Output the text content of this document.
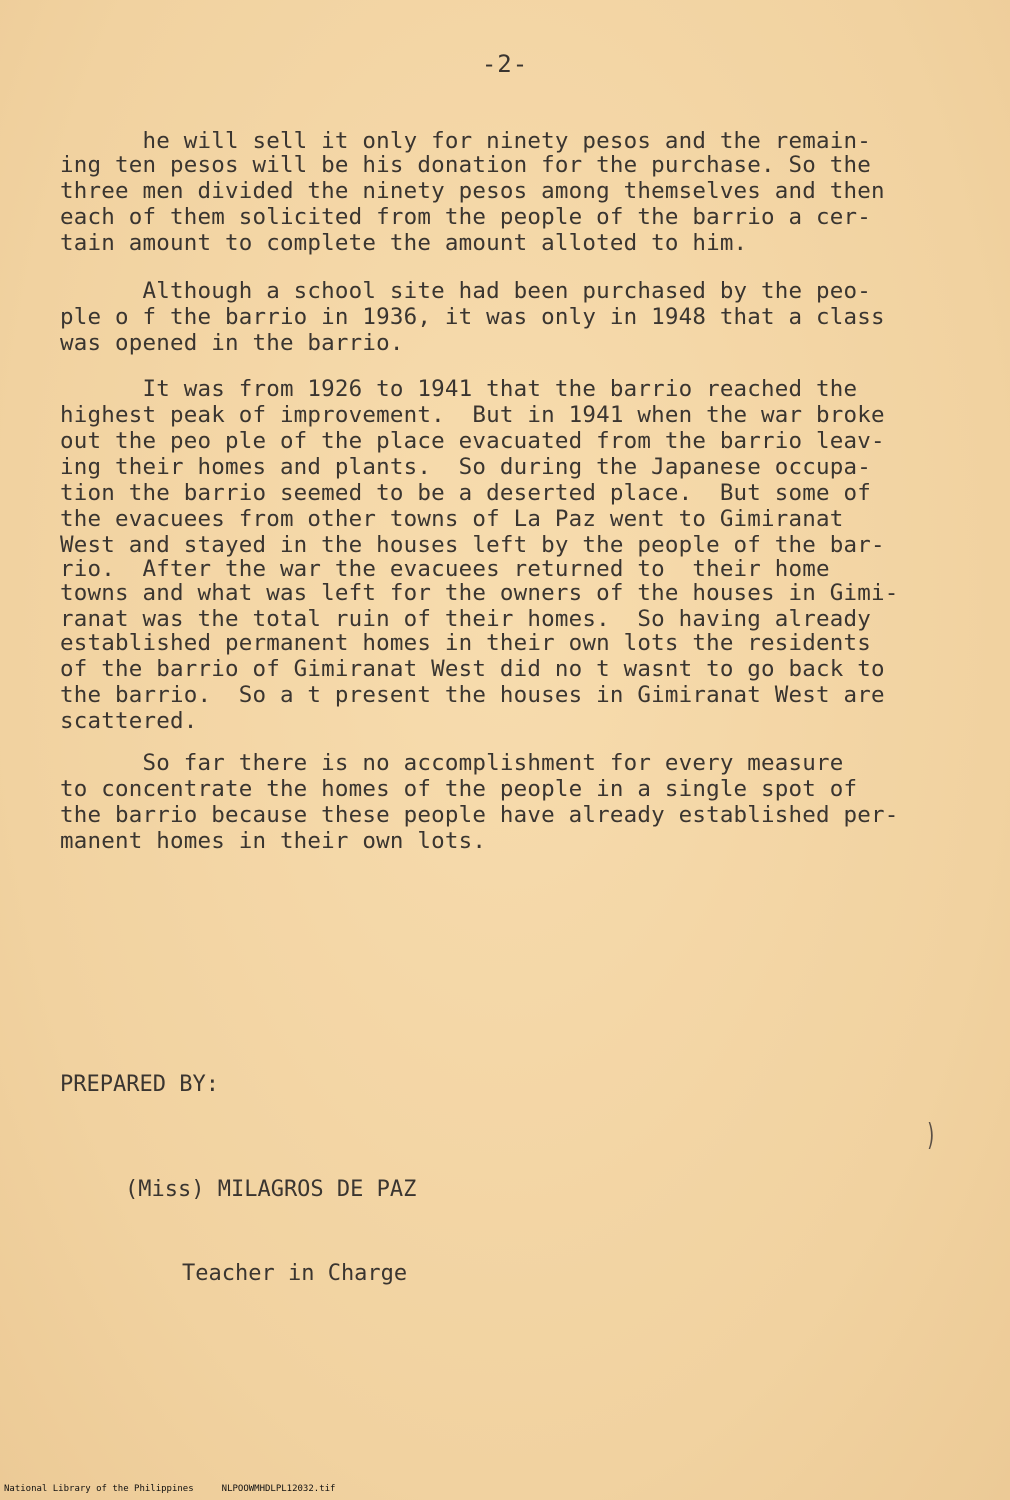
-2-
he will sell it only for ninety pesos and the remain-
ing ten pesos will be his donation for the purchase. So the
three men divided the ninety pesos among themselves and then
each of them solicited from the people of the barrio a cer-
tain amount to complete the amount alloted to him.
Although a school site had been purchased by the peo-
ple o f the barrio in 1936, it was only in 1948 that a class
was opened in the barrio.
It was from 1926 to 1941 that the barrio reached the
highest peak of improvement.  But in 1941 when the war broke
out the peo ple of the place evacuated from the barrio leav-
ing their homes and plants.  So during the Japanese occupa-
tion the barrio seemed to be a deserted place.  But some of
the evacuees from other towns of La Paz went to Gimiranat
West and stayed in the houses left by the people of the bar-
rio.  After the war the evacuees returned to  their home
towns and what was left for the owners of the houses in Gimi-
ranat was the total ruin of their homes.  So having already
established permanent homes in their own lots the residents
of the barrio of Gimiranat West did no t wasnt to go back to
the barrio.  So a t present the houses in Gimiranat West are
scattered.
So far there is no accomplishment for every measure
to concentrate the homes of the people in a single spot of
the barrio because these people have already established per-
manent homes in their own lots.
PREPARED BY:

(Miss) MILAGROS DE PAZ

Teacher in Charge

)
National Library of the Philippines	NLPOOWMHDLPL12032.tif
